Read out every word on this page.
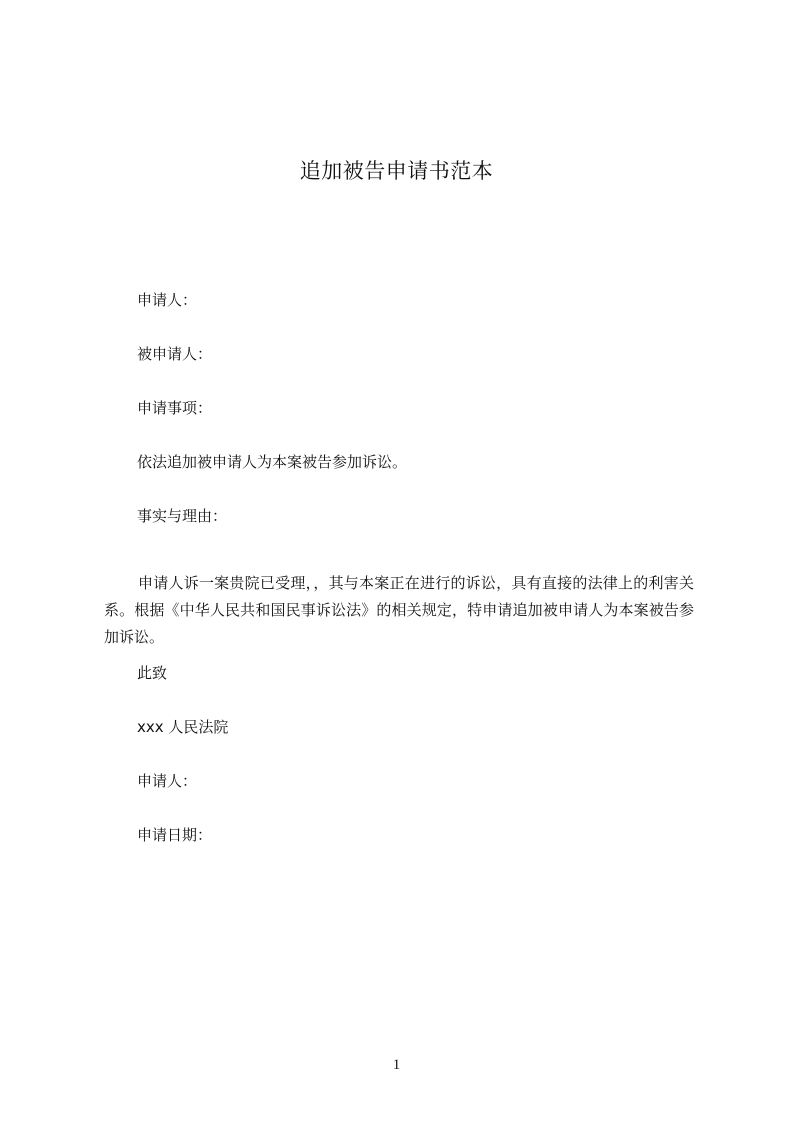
追加被告申请书范本
申请人：
被申请人：
申请事项：
依法追加被申请人为本案被告参加诉讼。
事实与理由：

申请人诉一案贵院已受理，，其与本案正在进行的诉讼，具有直接的法律上的利害关系。根据《中华人民共和国民事诉讼法》的相关规定，特申请追加被申请人为本案被告参加诉讼。

此致
xxx 人民法院
申请人：
申请日期：
1
